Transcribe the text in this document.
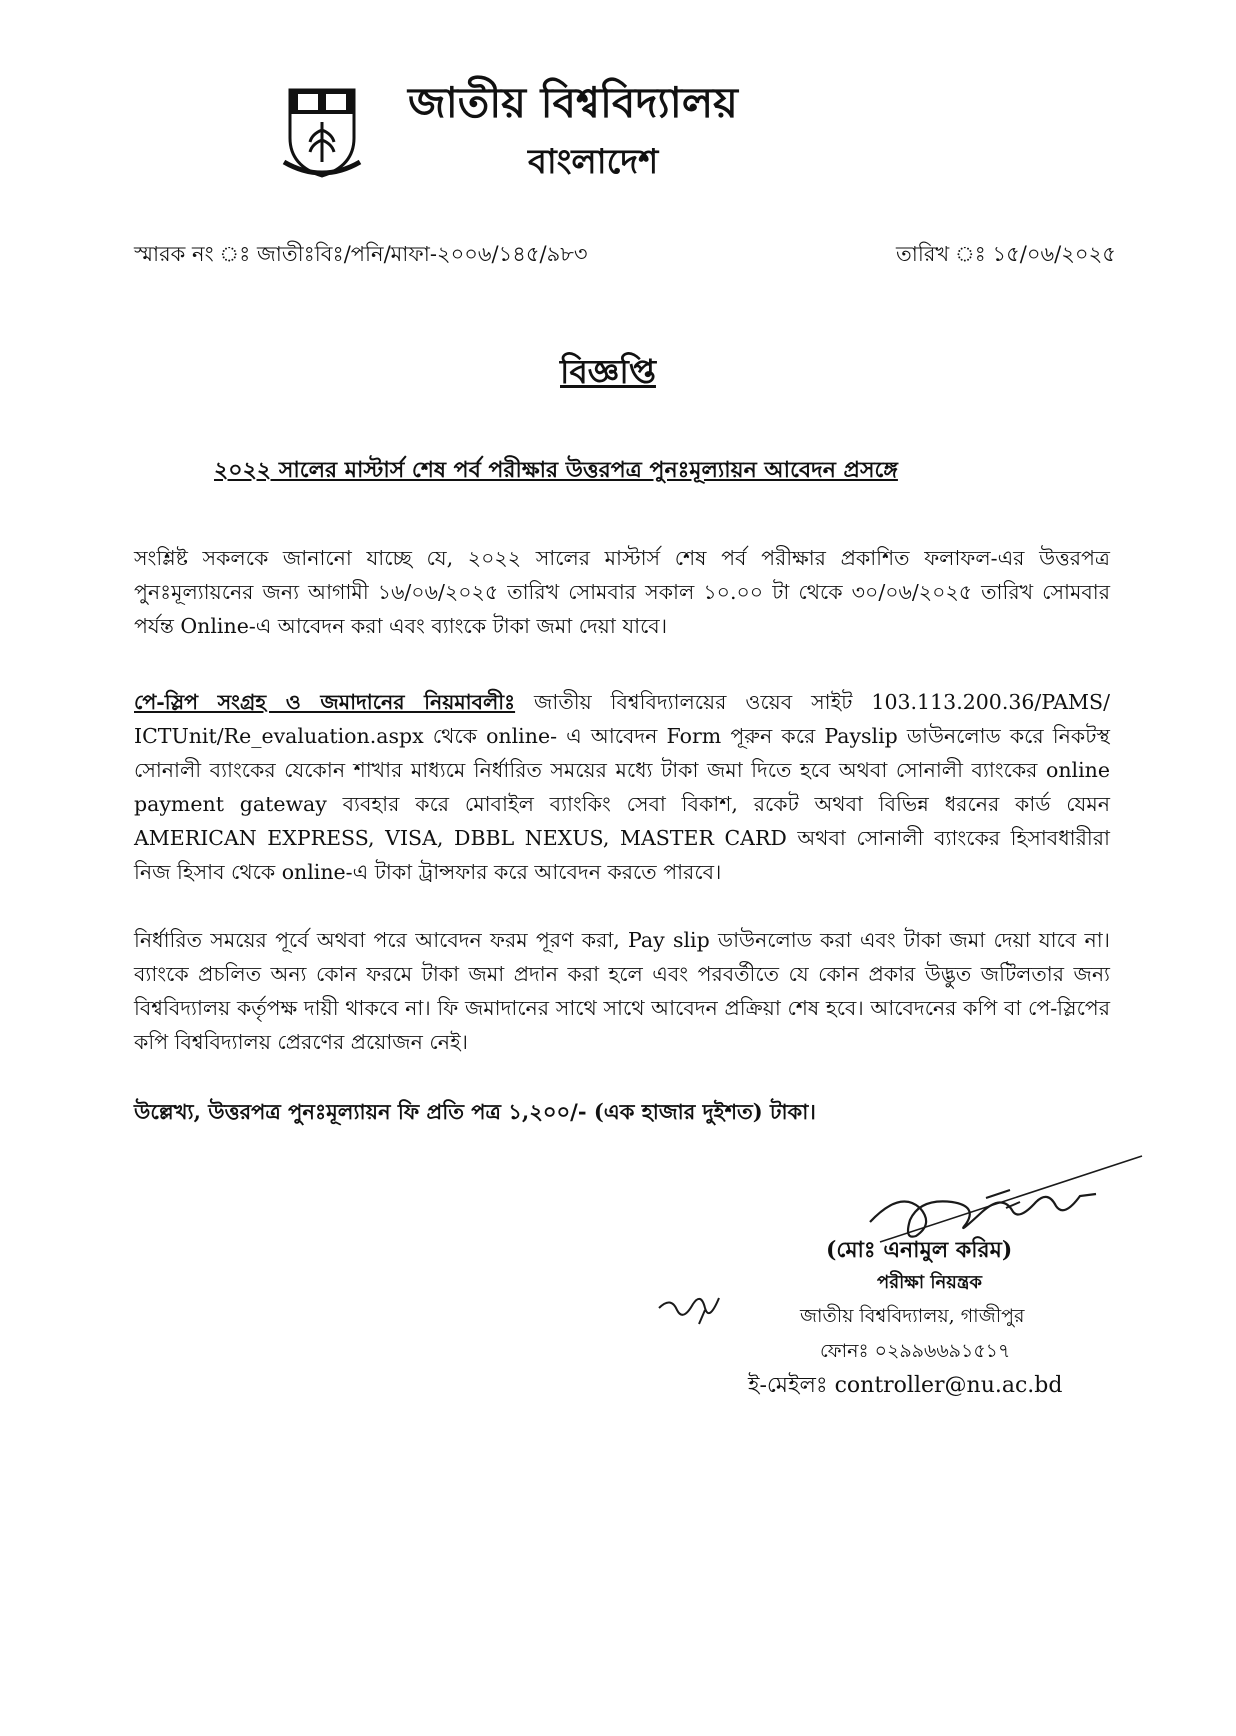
জাতীয় বিশ্ববিদ্যালয়
বাংলাদেশ
স্মারক নং ঃ জাতীঃবিঃ/পনি/মাফা-২০০৬/১৪৫/৯৮৩	তারিখ ঃ ১৫/০৬/২০২৫
বিজ্ঞপ্তি
২০২২ সালের মাস্টার্স শেষ পর্ব পরীক্ষার উত্তরপত্র পুনঃমূল্যায়ন আবেদন প্রসঙ্গে
সংশ্লিষ্ট সকলকে জানানো যাচ্ছে যে, ২০২২ সালের মাস্টার্স শেষ পর্ব পরীক্ষার প্রকাশিত ফলাফল-এর উত্তরপত্র পুনঃমূল্যায়নের জন্য আগামী ১৬/০৬/২০২৫ তারিখ সোমবার সকাল ১০.০০ টা থেকে ৩০/০৬/২০২৫ তারিখ সোমবার পর্যন্ত Online-এ আবেদন করা এবং ব্যাংকে টাকা জমা দেয়া যাবে।
পে-স্লিপ সংগ্রহ ও জমাদানের নিয়মাবলীঃ জাতীয় বিশ্ববিদ্যালয়ের ওয়েব সাইট 103.113.200.36/PAMS/ ICTUnit/Re_evaluation.aspx থেকে online- এ আবেদন Form পূরুন করে Payslip ডাউনলোড করে নিকটস্থ সোনালী ব্যাংকের যেকোন শাখার মাধ্যমে নির্ধারিত সময়ের মধ্যে টাকা জমা দিতে হবে অথবা সোনালী ব্যাংকের online payment gateway ব্যবহার করে মোবাইল ব্যাংকিং সেবা বিকাশ, রকেট অথবা বিভিন্ন ধরনের কার্ড যেমন AMERICAN EXPRESS, VISA, DBBL NEXUS, MASTER CARD অথবা সোনালী ব্যাংকের হিসাবধারীরা নিজ হিসাব থেকে online-এ টাকা ট্রান্সফার করে আবেদন করতে পারবে।
নির্ধারিত সময়ের পূর্বে অথবা পরে আবেদন ফরম পূরণ করা, Pay slip ডাউনলোড করা এবং টাকা জমা দেয়া যাবে না। ব্যাংকে প্রচলিত অন্য কোন ফরমে টাকা জমা প্রদান করা হলে এবং পরবর্তীতে যে কোন প্রকার উদ্ভুত জটিলতার জন্য বিশ্ববিদ্যালয় কর্তৃপক্ষ দায়ী থাকবে না। ফি জমাদানের সাথে সাথে আবেদন প্রক্রিয়া শেষ হবে। আবেদনের কপি বা পে-স্লিপের কপি বিশ্ববিদ্যালয় প্রেরণের প্রয়োজন নেই।
উল্লেখ্য, উত্তরপত্র পুনঃমূল্যায়ন ফি প্রতি পত্র ১,২০০/- (এক হাজার দুইশত) টাকা।
(মোঃ এনামুল করিম)
পরীক্ষা নিয়ন্ত্রক
জাতীয় বিশ্ববিদ্যালয়, গাজীপুর
ফোনঃ ০২৯৯৬৬৯১৫১৭
ই-মেইলঃ controller@nu.ac.bd
